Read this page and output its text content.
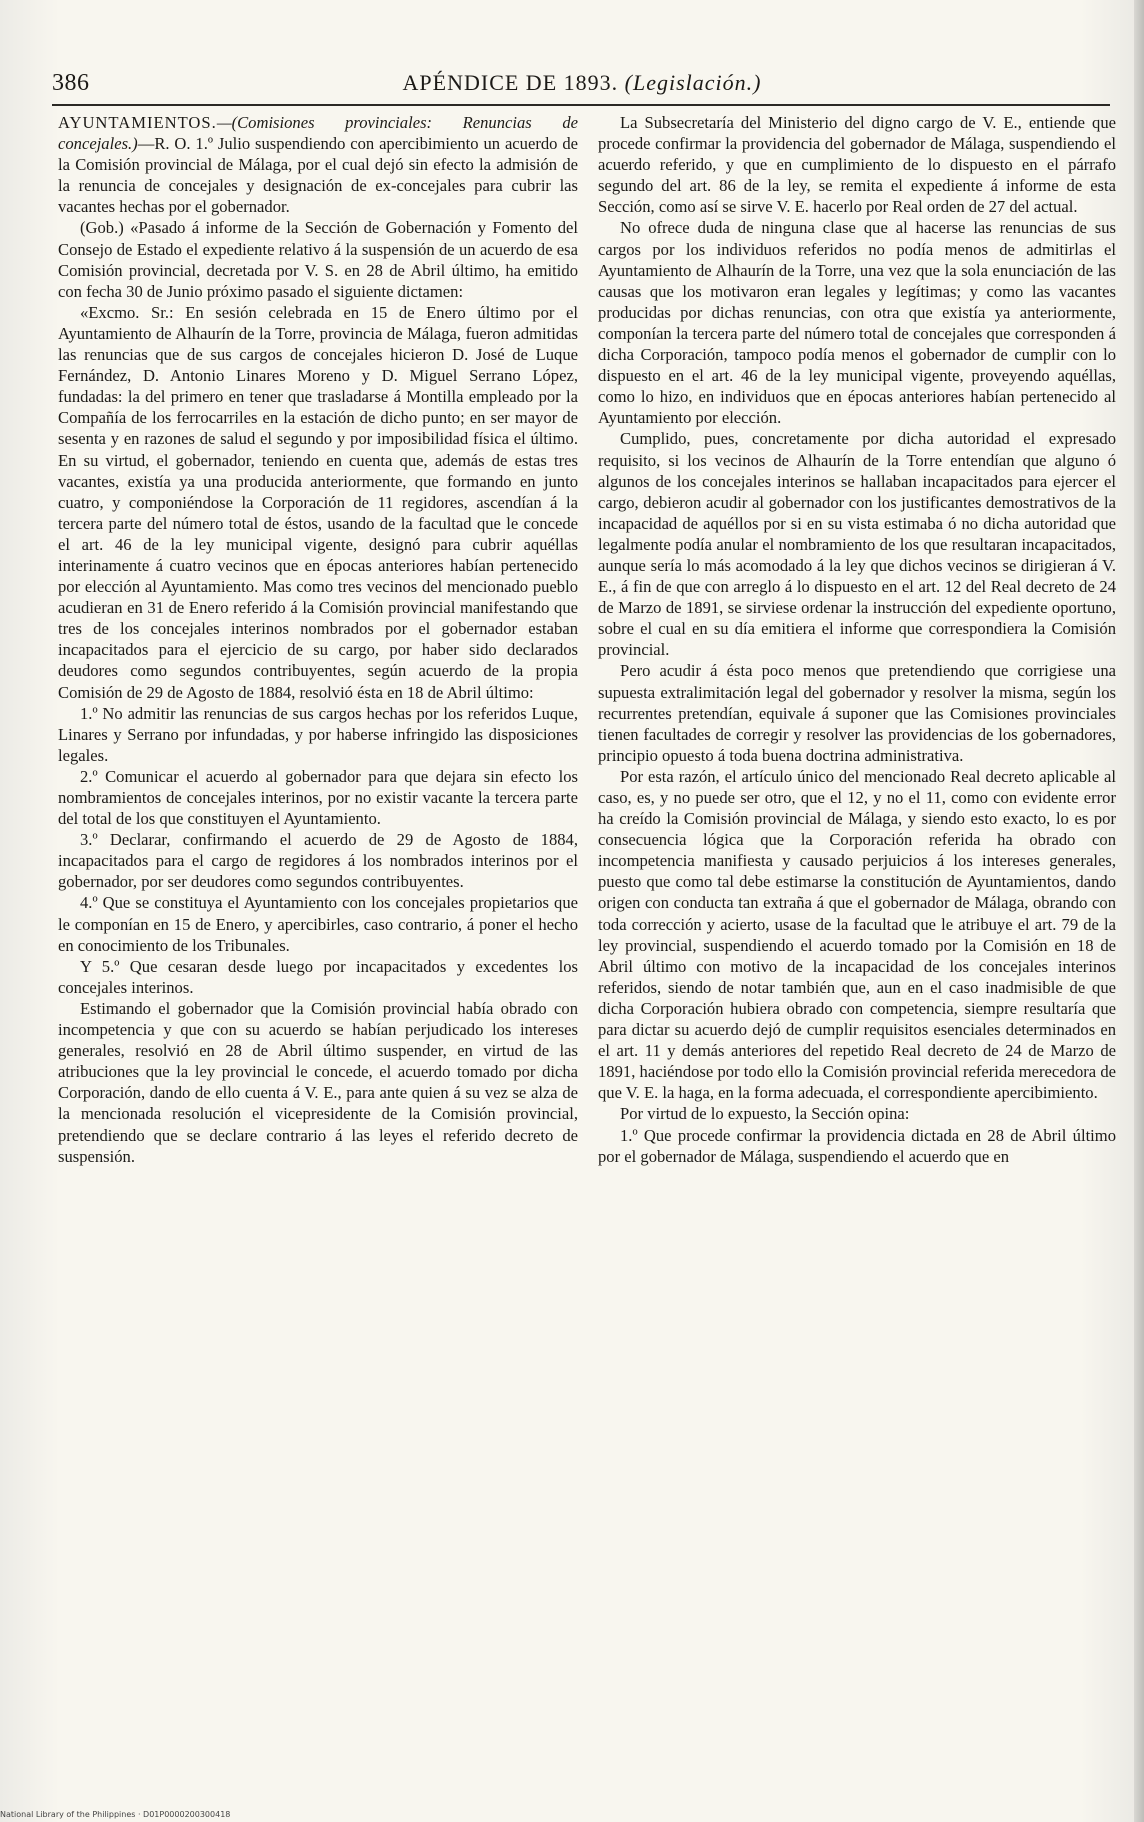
386	APÉNDICE DE 1893. (Legislación.)

AYUNTAMIENTOS.—(Comisiones provinciales: Renuncias de concejales.)—R. O. 1.º Julio suspendiendo con apercibimiento un acuerdo de la Comisión provincial de Málaga, por el cual dejó sin efecto la admisión de la renuncia de concejales y designación de ex-concejales para cubrir las vacantes hechas por el gobernador.

(Gob.) «Pasado á informe de la Sección de Gobernación y Fomento del Consejo de Estado el expediente relativo á la suspensión de un acuerdo de esa Comisión provincial, decretada por V. S. en 28 de Abril último, ha emitido con fecha 30 de Junio próximo pasado el siguiente dictamen:

«Excmo. Sr.: En sesión celebrada en 15 de Enero último por el Ayuntamiento de Alhaurín de la Torre, provincia de Málaga, fueron admitidas las renuncias que de sus cargos de concejales hicieron D. José de Luque Fernández, D. Antonio Linares Moreno y D. Miguel Serrano López, fundadas: la del primero en tener que trasladarse á Montilla empleado por la Compañía de los ferrocarriles en la estación de dicho punto; en ser mayor de sesenta y en razones de salud el segundo y por imposibilidad física el último. En su virtud, el gobernador, teniendo en cuenta que, además de estas tres vacantes, existía ya una producida anteriormente, que formando en junto cuatro, y componiéndose la Corporación de 11 regidores, ascendían á la tercera parte del número total de éstos, usando de la facultad que le concede el art. 46 de la ley municipal vigente, designó para cubrir aquéllas interinamente á cuatro vecinos que en épocas anteriores habían pertenecido por elección al Ayuntamiento. Mas como tres vecinos del mencionado pueblo acudieran en 31 de Enero referido á la Comisión provincial manifestando que tres de los concejales interinos nombrados por el gobernador estaban incapacitados para el ejercicio de su cargo, por haber sido declarados deudores como segundos contribuyentes, según acuerdo de la propia Comisión de 29 de Agosto de 1884, resolvió ésta en 18 de Abril último:

1.º No admitir las renuncias de sus cargos hechas por los referidos Luque, Linares y Serrano por infundadas, y por haberse infringido las disposiciones legales.

2.º Comunicar el acuerdo al gobernador para que dejara sin efecto los nombramientos de concejales interinos, por no existir vacante la tercera parte del total de los que constituyen el Ayuntamiento.

3.º Declarar, confirmando el acuerdo de 29 de Agosto de 1884, incapacitados para el cargo de regidores á los nombrados interinos por el gobernador, por ser deudores como segundos contribuyentes.

4.º Que se constituya el Ayuntamiento con los concejales propietarios que le componían en 15 de Enero, y apercibirles, caso contrario, á poner el hecho en conocimiento de los Tribunales.

Y 5.º Que cesaran desde luego por incapacitados y excedentes los concejales interinos.

Estimando el gobernador que la Comisión provincial había obrado con incompetencia y que con su acuerdo se habían perjudicado los intereses generales, resolvió en 28 de Abril último suspender, en virtud de las atribuciones que la ley provincial le concede, el acuerdo tomado por dicha Corporación, dando de ello cuenta á V. E., para ante quien á su vez se alza de la mencionada resolución el vicepresidente de la Comisión provincial, pretendiendo que se declare contrario á las leyes el referido decreto de suspensión.

La Subsecretaría del Ministerio del digno cargo de V. E., entiende que procede confirmar la providencia del gobernador de Málaga, suspendiendo el acuerdo referido, y que en cumplimiento de lo dispuesto en el párrafo segundo del art. 86 de la ley, se remita el expediente á informe de esta Sección, como así se sirve V. E. hacerlo por Real orden de 27 del actual.

No ofrece duda de ninguna clase que al hacerse las renuncias de sus cargos por los individuos referidos no podía menos de admitirlas el Ayuntamiento de Alhaurín de la Torre, una vez que la sola enunciación de las causas que los motivaron eran legales y legítimas; y como las vacantes producidas por dichas renuncias, con otra que existía ya anteriormente, componían la tercera parte del número total de concejales que corresponden á dicha Corporación, tampoco podía menos el gobernador de cumplir con lo dispuesto en el art. 46 de la ley municipal vigente, proveyendo aquéllas, como lo hizo, en individuos que en épocas anteriores habían pertenecido al Ayuntamiento por elección.

Cumplido, pues, concretamente por dicha autoridad el expresado requisito, si los vecinos de Alhaurín de la Torre entendían que alguno ó algunos de los concejales interinos se hallaban incapacitados para ejercer el cargo, debieron acudir al gobernador con los justificantes demostrativos de la incapacidad de aquéllos por si en su vista estimaba ó no dicha autoridad que legalmente podía anular el nombramiento de los que resultaran incapacitados, aunque sería lo más acomodado á la ley que dichos vecinos se dirigieran á V. E., á fin de que con arreglo á lo dispuesto en el art. 12 del Real decreto de 24 de Marzo de 1891, se sirviese ordenar la instrucción del expediente oportuno, sobre el cual en su día emitiera el informe que correspondiera la Comisión provincial.

Pero acudir á ésta poco menos que pretendiendo que corrigiese una supuesta extralimitación legal del gobernador y resolver la misma, según los recurrentes pretendían, equivale á suponer que las Comisiones provinciales tienen facultades de corregir y resolver las providencias de los gobernadores, principio opuesto á toda buena doctrina administrativa.

Por esta razón, el artículo único del mencionado Real decreto aplicable al caso, es, y no puede ser otro, que el 12, y no el 11, como con evidente error ha creído la Comisión provincial de Málaga, y siendo esto exacto, lo es por consecuencia lógica que la Corporación referida ha obrado con incompetencia manifiesta y causado perjuicios á los intereses generales, puesto que como tal debe estimarse la constitución de Ayuntamientos, dando origen con conducta tan extraña á que el gobernador de Málaga, obrando con toda corrección y acierto, usase de la facultad que le atribuye el art. 79 de la ley provincial, suspendiendo el acuerdo tomado por la Comisión en 18 de Abril último con motivo de la incapacidad de los concejales interinos referidos, siendo de notar también que, aun en el caso inadmisible de que dicha Corporación hubiera obrado con competencia, siempre resultaría que para dictar su acuerdo dejó de cumplir requisitos esenciales determinados en el art. 11 y demás anteriores del repetido Real decreto de 24 de Marzo de 1891, haciéndose por todo ello la Comisión provincial referida merecedora de que V. E. la haga, en la forma adecuada, el correspondiente apercibimiento.

Por virtud de lo expuesto, la Sección opina:

1.º Que procede confirmar la providencia dictada en 28 de Abril último por el gobernador de Málaga, suspendiendo el acuerdo que en

National Library of the Philippines · D01P0000200300418
